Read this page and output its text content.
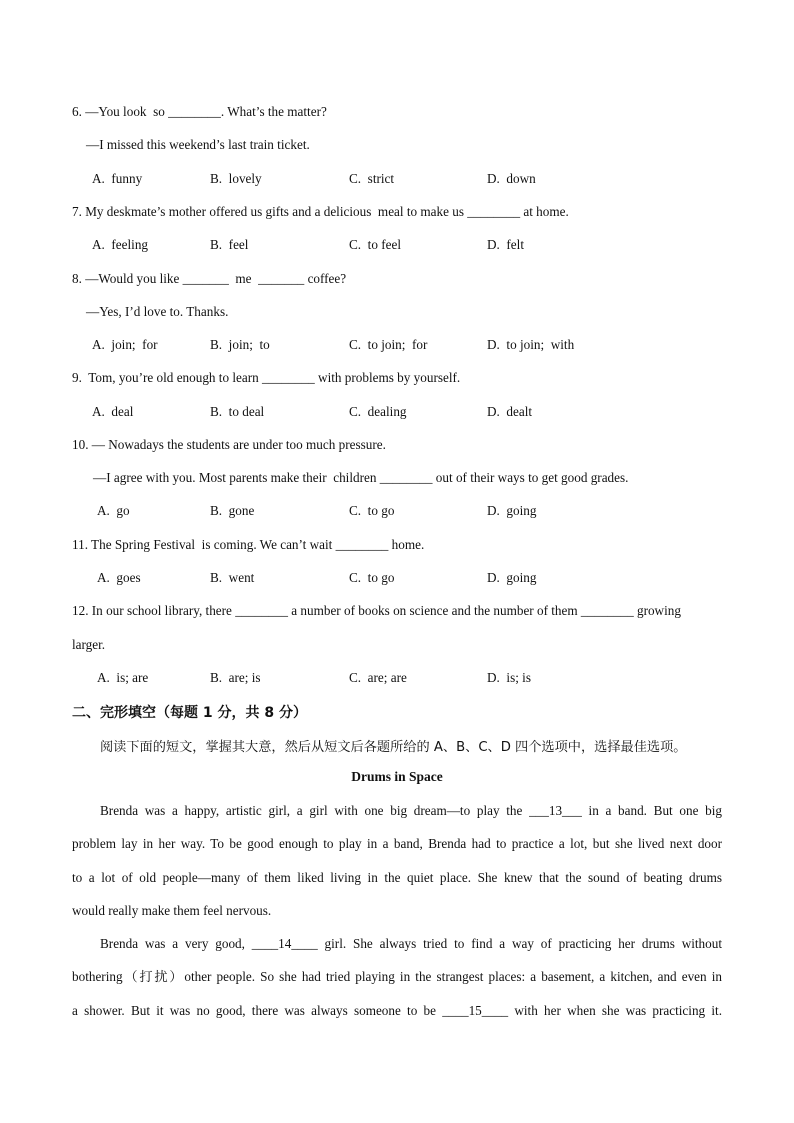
6. —You look  so ________. What’s the matter?
—I missed this weekend’s last train ticket.
A.  funny	B.  lovely	C.  strict	D.  down
7. My deskmate’s mother offered us gifts and a delicious  meal to make us ________ at home.
A.  feeling	B.  feel	C.  to feel	D.  felt
8. —Would you like _______  me  _______ coffee?
—Yes, I’d love to. Thanks.
A.  join;  for	B.  join;  to	C.  to join;  for	D.  to join;  with
9.  Tom, you’re old enough to learn ________ with problems by yourself.
A.  deal	B.  to deal	C.  dealing	D.  dealt
10. — Nowadays the students are under too much pressure.
—I agree with you. Most parents make their  children ________ out of their ways to get good grades.
A.  go	B.  gone	C.  to go	D.  going
11. The Spring Festival  is coming. We can’t wait ________ home.
A.  goes	B.  went	C.  to go	D.  going
12. In our school library, there ________ a number of books on science and the number of them ________ growing
larger.
A.  is; are	B.  are; is	C.  are; are	D.  is; is
二、完形填空（每题 1 分，共 8 分）
阅读下面的短文，掌握其大意，然后从短文后各题所给的 A、B、C、D 四个选项中，选择最佳选项。
Drums in Space
Brenda was a happy, artistic girl, a girl with one big dream—to play the ___13___ in a band. But one big
problem lay in her way. To be good enough to play in a band, Brenda had to practice a lot, but she lived next door
to a lot of old people—many of them liked living in the quiet place. She knew that the sound of beating drums
would really make them feel nervous.
Brenda was a very good, ____14____ girl. She always tried to find a way of practicing her drums without
bothering（打扰）other people. So she had tried playing in the strangest places: a basement, a kitchen, and even in
a shower. But it was no good, there was always someone to be ____15____ with her when she was practicing it.
